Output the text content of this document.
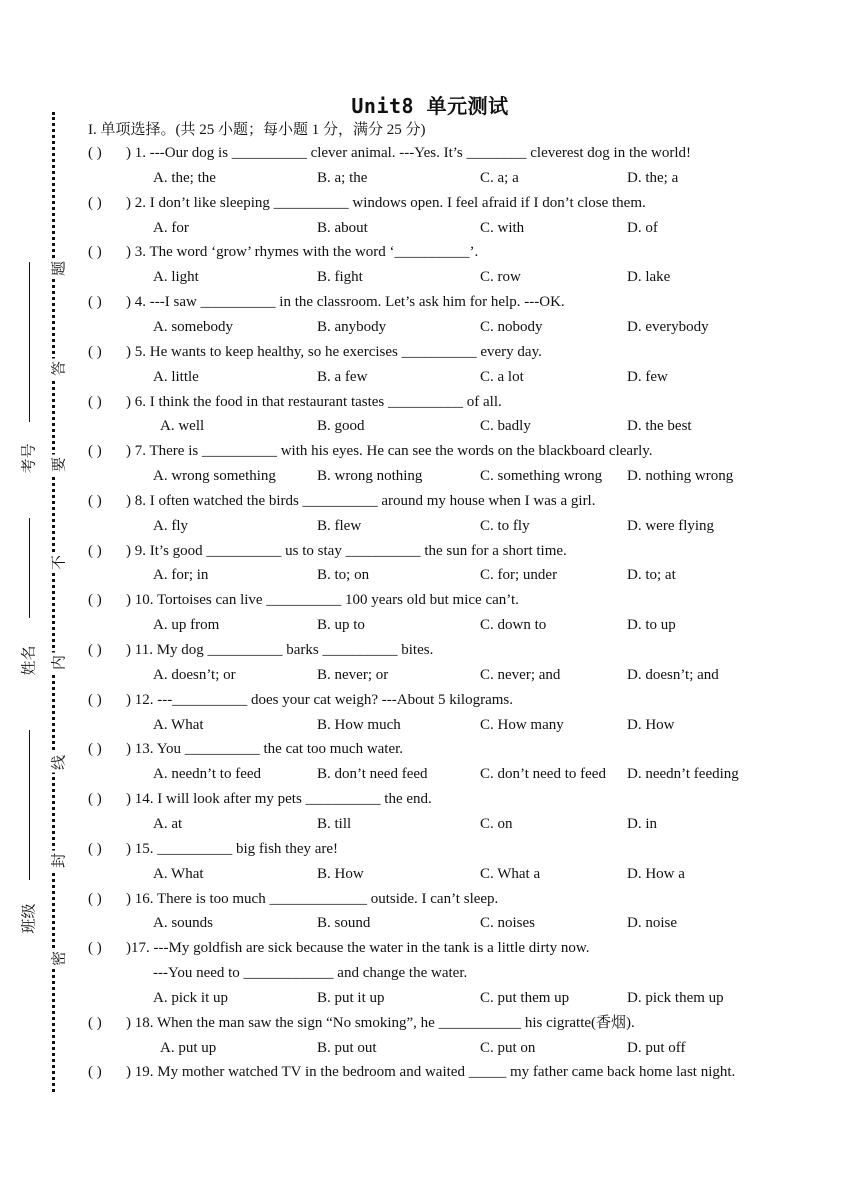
题
答
要
不
内
线
封
密
考号
姓名
班级
Unit8 单元测试
I. 单项选择。(共 25 小题；每小题 1 分，满分 25 分)
( ) ) 1. ---Our dog is __________ clever animal. ---Yes. It’s ________ cleverest dog in the world!
A. the; the	B. a; the	C. a; a	D. the; a
( ) ) 2. I don’t like sleeping __________ windows open. I feel afraid if I don’t close them.
A. for	B. about	C. with	D. of
( ) ) 3. The word ‘grow’ rhymes with the word ‘__________’.
A. light	B. fight	C. row	D. lake
( ) ) 4. ---I saw __________ in the classroom. Let’s ask him for help. ---OK.
A. somebody	B. anybody	C. nobody	D. everybody
( ) ) 5. He wants to keep healthy, so he exercises __________ every day.
A. little	B. a few	C. a lot	D. few
( ) ) 6. I think the food in that restaurant tastes __________ of all.
A. well	B. good	C. badly	D. the best
( ) ) 7. There is __________ with his eyes. He can see the words on the blackboard clearly.
A. wrong something	B. wrong nothing	C. something wrong D. nothing wrong
( ) ) 8. I often watched the birds __________ around my house when I was a girl.
A. fly	B. flew	C. to fly	D. were flying
( ) ) 9. It’s good __________ us to stay __________ the sun for a short time.
A. for; in	B. to; on	C. for; under	D. to; at
( ) ) 10. Tortoises can live __________ 100 years old but mice can’t.
A. up from	B. up to	C. down to	D. to up
( ) ) 11. My dog __________ barks __________ bites.
A. doesn’t; or	B. never; or	C. never; and	D. doesn’t; and
( ) ) 12. ---__________ does your cat weigh? ---About 5 kilograms.
A. What	B. How much	C. How many	D. How
( ) ) 13. You __________ the cat too much water.
A. needn’t to feed	B. don’t need feed	C. don’t need to feed D. needn’t feeding
( ) ) 14. I will look after my pets __________ the end.
A. at	B. till	C. on	D. in
( ) ) 15. __________ big fish they are!
A. What	B. How	C. What a	D. How a
( ) ) 16. There is too much _____________ outside. I can’t sleep.
A. sounds	B. sound	C. noises	D. noise
( ) )17. ---My goldfish are sick because the water in the tank is a little dirty now.
---You need to ____________ and change the water.
A. pick it up	B. put it up	C. put them up	D. pick them up
( ) ) 18. When the man saw the sign “No smoking”, he ___________ his cigratte(香烟).
A. put up	B. put out	C. put on	D. put off
( ) ) 19. My mother watched TV in the bedroom and waited _____ my father came back home last night.
